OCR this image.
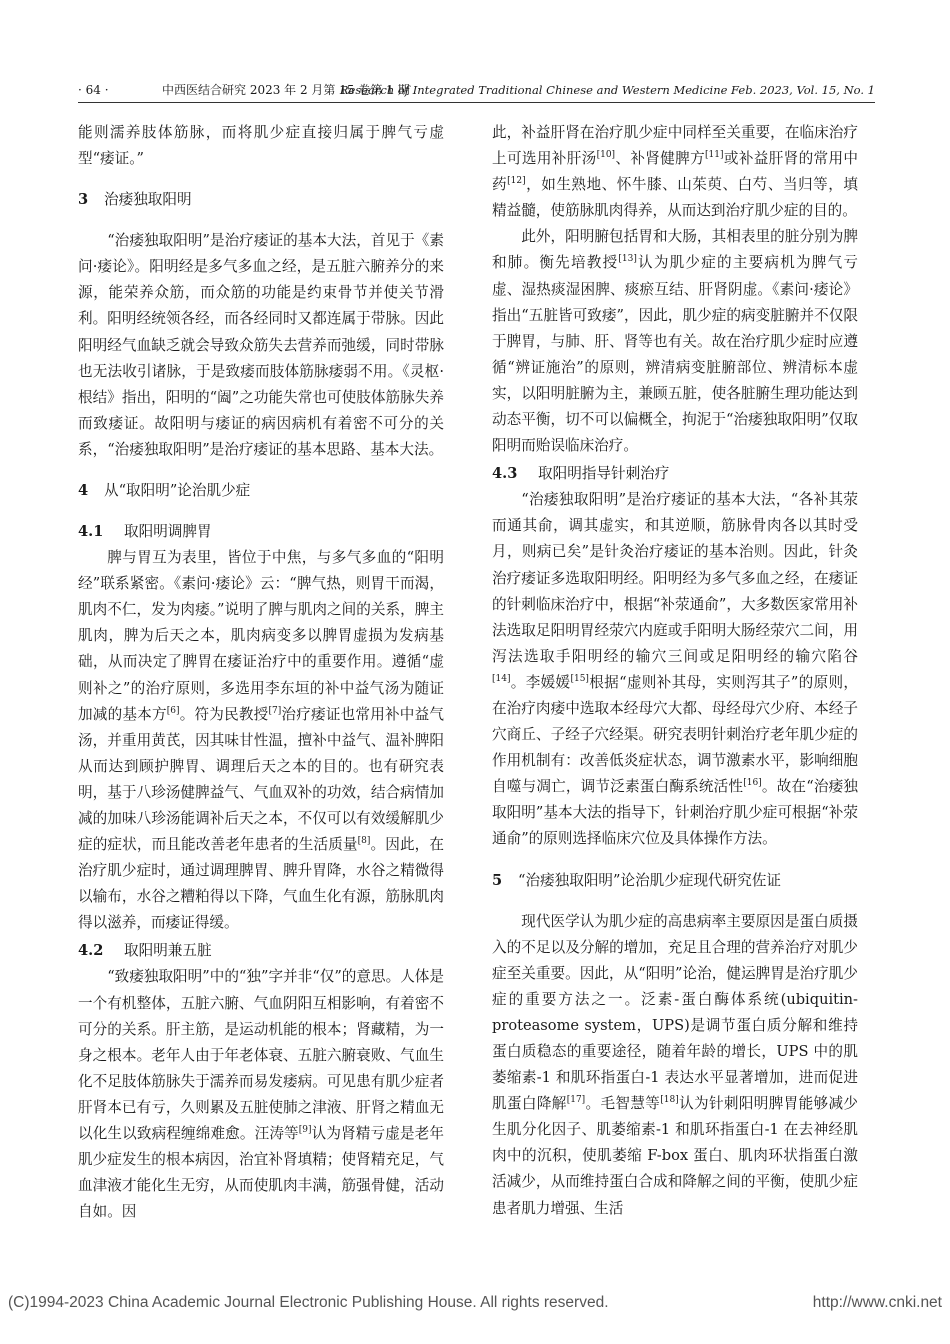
· 64 ·	中西医结合研究 2023 年 2 月第 15 卷第 1 期
Research of Integrated Traditional Chinese and Western Medicine Feb. 2023, Vol. 15, No. 1

能则濡养肢体筋脉，而将肌少症直接归属于脾气亏虚型“痿证。”

3 治痿独取阳明

“治痿独取阳明”是治疗痿证的基本大法，首见于《素问·痿论》。阳明经是多气多血之经，是五脏六腑养分的来源，能荣养众筋，而众筋的功能是约束骨节并使关节滑利。阳明经统领各经，而各经同时又都连属于带脉。因此阳明经气血缺乏就会导致众筋失去营养而弛缓，同时带脉也无法收引诸脉，于是致痿而肢体筋脉痿弱不用。《灵枢·根结》指出，阳明的“阖”之功能失常也可使肢体筋脉失养而致痿证。故阳明与痿证的病因病机有着密不可分的关系，“治痿独取阳明”是治疗痿证的基本思路、基本大法。

4 从“取阳明”论治肌少症
4.1 取阳明调脾胃

脾与胃互为表里，皆位于中焦，与多气多血的“阳明经”联系紧密。《素问·痿论》云：“脾气热，则胃干而渴，肌肉不仁，发为肉痿。”说明了脾与肌肉之间的关系，脾主肌肉，脾为后天之本，肌肉病变多以脾胃虚损为发病基础，从而决定了脾胃在痿证治疗中的重要作用。遵循“虚则补之”的治疗原则，多选用李东垣的补中益气汤为随证加减的基本方[6]。符为民教授[7]治疗痿证也常用补中益气汤，并重用黄芪，因其味甘性温，擅补中益气、温补脾阳从而达到顾护脾胃、调理后天之本的目的。也有研究表明，基于八珍汤健脾益气、气血双补的功效，结合病情加减的加味八珍汤能调补后天之本，不仅可以有效缓解肌少症的症状，而且能改善老年患者的生活质量[8]。因此，在治疗肌少症时，通过调理脾胃、脾升胃降，水谷之精微得以输布，水谷之糟粕得以下降，气血生化有源，筋脉肌肉得以滋养，而痿证得缓。

4.2 取阳明兼五脏

“致痿独取阳明”中的“独”字并非“仅”的意思。人体是一个有机整体，五脏六腑、气血阴阳互相影响，有着密不可分的关系。肝主筋，是运动机能的根本；肾藏精，为一身之根本。老年人由于年老体衰、五脏六腑衰败、气血生化不足肢体筋脉失于濡养而易发痿病。可见患有肌少症者肝肾本已有亏，久则累及五脏使肺之津液、肝肾之精血无以化生以致病程缠绵难愈。汪涛等[9]认为肾精亏虚是老年肌少症发生的根本病因，治宜补肾填精；使肾精充足，气血津液才能化生无穷，从而使肌肉丰满，筋强骨健，活动自如。因

此，补益肝肾在治疗肌少症中同样至关重要，在临床治疗上可选用补肝汤[10]、补肾健脾方[11]或补益肝肾的常用中药[12]，如生熟地、怀牛膝、山茱萸、白芍、当归等，填精益髓，使筋脉肌肉得养，从而达到治疗肌少症的目的。

此外，阳明腑包括胃和大肠，其相表里的脏分别为脾和肺。衡先培教授[13]认为肌少症的主要病机为脾气亏虚、湿热痰湿困脾、痰瘀互结、肝肾阴虚。《素问·痿论》指出“五脏皆可致痿”，因此，肌少症的病变脏腑并不仅限于脾胃，与肺、肝、肾等也有关。故在治疗肌少症时应遵循“辨证施治”的原则，辨清病变脏腑部位、辨清标本虚实，以阳明脏腑为主，兼顾五脏，使各脏腑生理功能达到动态平衡，切不可以偏概全，拘泥于“治痿独取阳明”仅取阳明而贻误临床治疗。

4.3 取阳明指导针刺治疗

“治痿独取阳明”是治疗痿证的基本大法，“各补其荥而通其俞，调其虚实，和其逆顺，筋脉骨肉各以其时受月，则病已矣”是针灸治疗痿证的基本治则。因此，针灸治疗痿证多选取阳明经。阳明经为多气多血之经，在痿证的针刺临床治疗中，根据“补荥通俞”，大多数医家常用补法选取足阳明胃经荥穴内庭或手阳明大肠经荥穴二间，用泻法选取手阳明经的输穴三间或足阳明经的输穴陷谷[14]。李媛媛[15]根据“虚则补其母，实则泻其子”的原则，在治疗肉痿中选取本经母穴大都、母经母穴少府、本经子穴商丘、子经子穴经渠。研究表明针刺治疗老年肌少症的作用机制有：改善低炎症状态，调节激素水平，影响细胞自噬与凋亡，调节泛素蛋白酶系统活性[16]。故在“治痿独取阳明”基本大法的指导下，针刺治疗肌少症可根据“补荥通俞”的原则选择临床穴位及具体操作方法。

5 “治痿独取阳明”论治肌少症现代研究佐证

现代医学认为肌少症的高患病率主要原因是蛋白质摄入的不足以及分解的增加，充足且合理的营养治疗对肌少症至关重要。因此，从“阳明”论治，健运脾胃是治疗肌少症的重要方法之一。泛素-蛋白酶体系统(ubiquitin-proteasome system，UPS)是调节蛋白质分解和维持蛋白质稳态的重要途径，随着年龄的增长，UPS 中的肌萎缩素-1 和肌环指蛋白-1 表达水平显著增加，进而促进肌蛋白降解[17]。毛智慧等[18]认为针刺阳明脾胃能够减少生肌分化因子、肌萎缩素-1 和肌环指蛋白-1 在去神经肌肉中的沉积，使肌萎缩 F-box 蛋白、肌肉环状指蛋白激活减少，从而维持蛋白合成和降解之间的平衡，使肌少症患者肌力增强、生活

(C)1994-2023 China Academic Journal Electronic Publishing House. All rights reserved.	http://www.cnki.net
